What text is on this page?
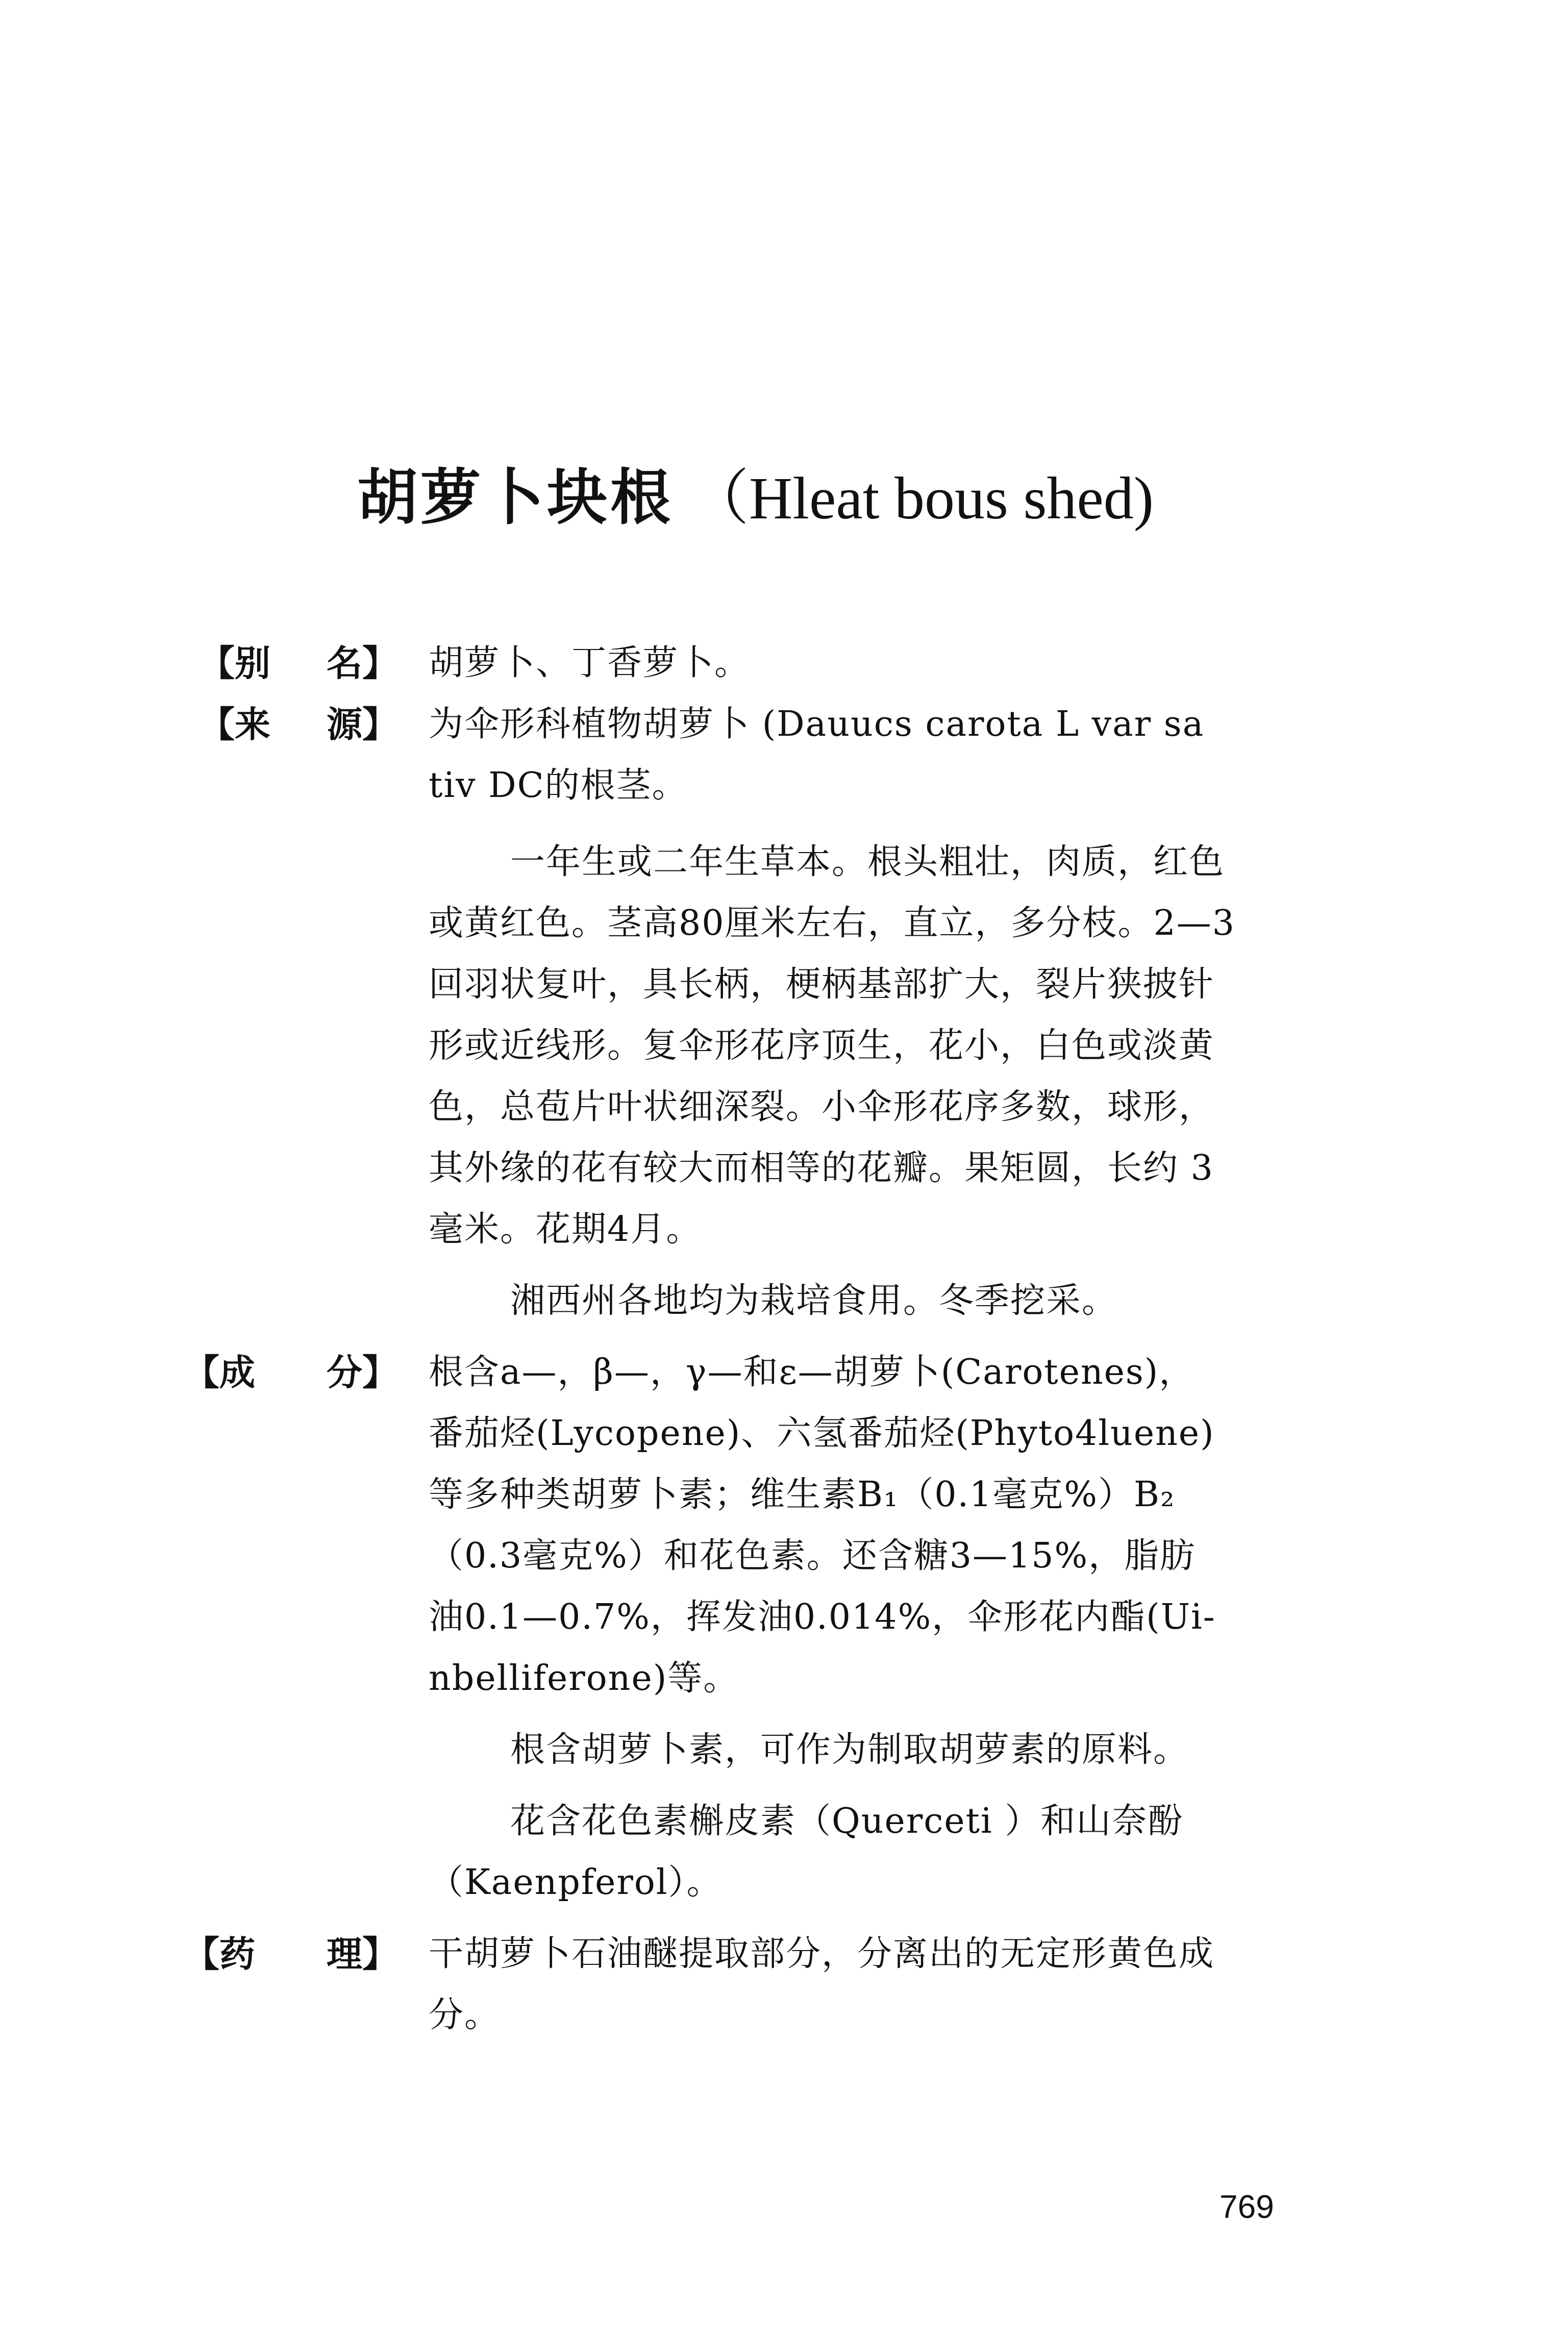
胡萝卜块根 （Hleat bous shed)
【别 名】 胡萝卜、丁香萝卜。
【来 源】 为伞形科植物胡萝卜 (Dauucs carota L var sa
tiv DC的根茎。
一年生或二年生草本。根头粗壮，肉质，红色
或黄红色。茎高80厘米左右，直立，多分枝。2—3
回羽状复叶，具长柄，梗柄基部扩大，裂片狭披针
形或近线形。复伞形花序顶生，花小，白色或淡黄
色，总苞片叶状细深裂。小伞形花序多数，球形，
其外缘的花有较大而相等的花瓣。果矩圆，长约 3
毫米。花期4月。
湘西州各地均为栽培食用。冬季挖采。
【成 分】 根含a—，β—，γ—和ε—胡萝卜(Carotenes)，
番茄烃(Lycopene)、六氢番茄烃(Phyto4luene)
等多种类胡萝卜素；维生素B₁（0.1毫克%）B₂
（0.3毫克%）和花色素。还含糖3—15%，脂肪
油0.1—0.7%，挥发油0.014%，伞形花内酯(Ui-
nbelliferone)等。
根含胡萝卜素，可作为制取胡萝素的原料。
花含花色素槲皮素（Querceti ）和山奈酚
（Kaenpferol）。
【药 理】 干胡萝卜石油醚提取部分，分离出的无定形黄色成
分。
769
